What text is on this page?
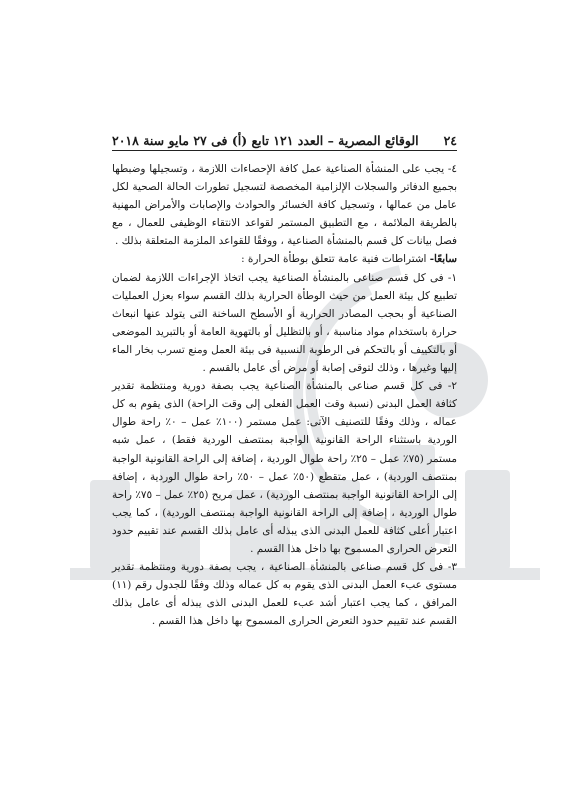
٢٤
الوقائع المصرية – العدد ١٢١ تابع (أ) فى ٢٧ مايو سنة ٢٠١٨

٤- يجب على المنشأة الصناعية عمل كافة الإحصاءات اللازمة ، وتسجيلها وضبطها بجميع الدفاتر والسجلات الإلزامية المخصصة لتسجيل تطورات الحالة الصحية لكل عامل من عمالها ، وتسجيل كافة الخسائر والحوادث والإصابات والأمراض المهنية بالطريقة الملائمة ، مع التطبيق المستمر لقواعد الانتقاء الوظيفى للعمال ، مع فصل بيانات كل قسم بالمنشأة الصناعية ، ووفقًا للقواعد الملزمة المتعلقة بذلك .

سابعًا- اشتراطات فنية عامة تتعلق بوطأة الحرارة :

١- فى كل قسم صناعى بالمنشأة الصناعية يجب اتخاذ الإجراءات اللازمة لضمان تطبيع كل بيئة العمل من حيث الوطأة الحرارية بذلك القسم سواء بعزل العمليات الصناعية أو بحجب المصادر الحرارية أو الأسطح الساخنة التى يتولد عنها انبعاث حرارة باستخدام مواد مناسبة ، أو بالتظليل أو بالتهوية العامة أو بالتبريد الموضعى أو بالتكييف أو بالتحكم فى الرطوبة النسبية فى بيئة العمل ومنع تسرب بخار الماء إليها وغيرها ، وذلك لتوقى إصابة أو مرض أى عامل بالقسم .

٢- فى كل قسم صناعى بالمنشأة الصناعية يجب بصفة دورية ومنتظمة تقدير كثافة العمل البدنى (نسبة وقت العمل الفعلى إلى وقت الراحة) الذى يقوم به كل عماله ، وذلك وفقًا للتصنيف الآتى: عمل مستمر (١٠٠٪ عمل – ٠٪ راحة طوال الوردية باستثناء الراحة القانونية الواجبة بمنتصف الوردية فقط) ، عمل شبه مستمر (٧٥٪ عمل – ٢٥٪ راحة طوال الوردية ، إضافة إلى الراحة القانونية الواجبة بمنتصف الوردية) ، عمل متقطع (٥٠٪ عمل – ٥٠٪ راحة طوال الوردية ، إضافة إلى الراحة القانونية الواجبة بمنتصف الوردية) ، عمل مريح (٢٥٪ عمل – ٧٥٪ راحة طوال الوردية ، إضافة إلى الراحة القانونية الواجبة بمنتصف الوردية) ، كما يجب اعتبار أعلى كثافة للعمل البدنى الذى يبذله أى عامل بذلك القسم عند تقييم حدود التعرض الحرارى المسموح بها داخل هذا القسم .

٣- فى كل قسم صناعى بالمنشأة الصناعية ، يجب بصفة دورية ومنتظمة تقدير مستوى عبء العمل البدنى الذى يقوم به كل عماله وذلك وفقًا للجدول رقم (١١) المرافق ، كما يجب اعتبار أشد عبء للعمل البدنى الذى يبذله أى عامل بذلك القسم عند تقييم حدود التعرض الحرارى المسموح بها داخل هذا القسم .
